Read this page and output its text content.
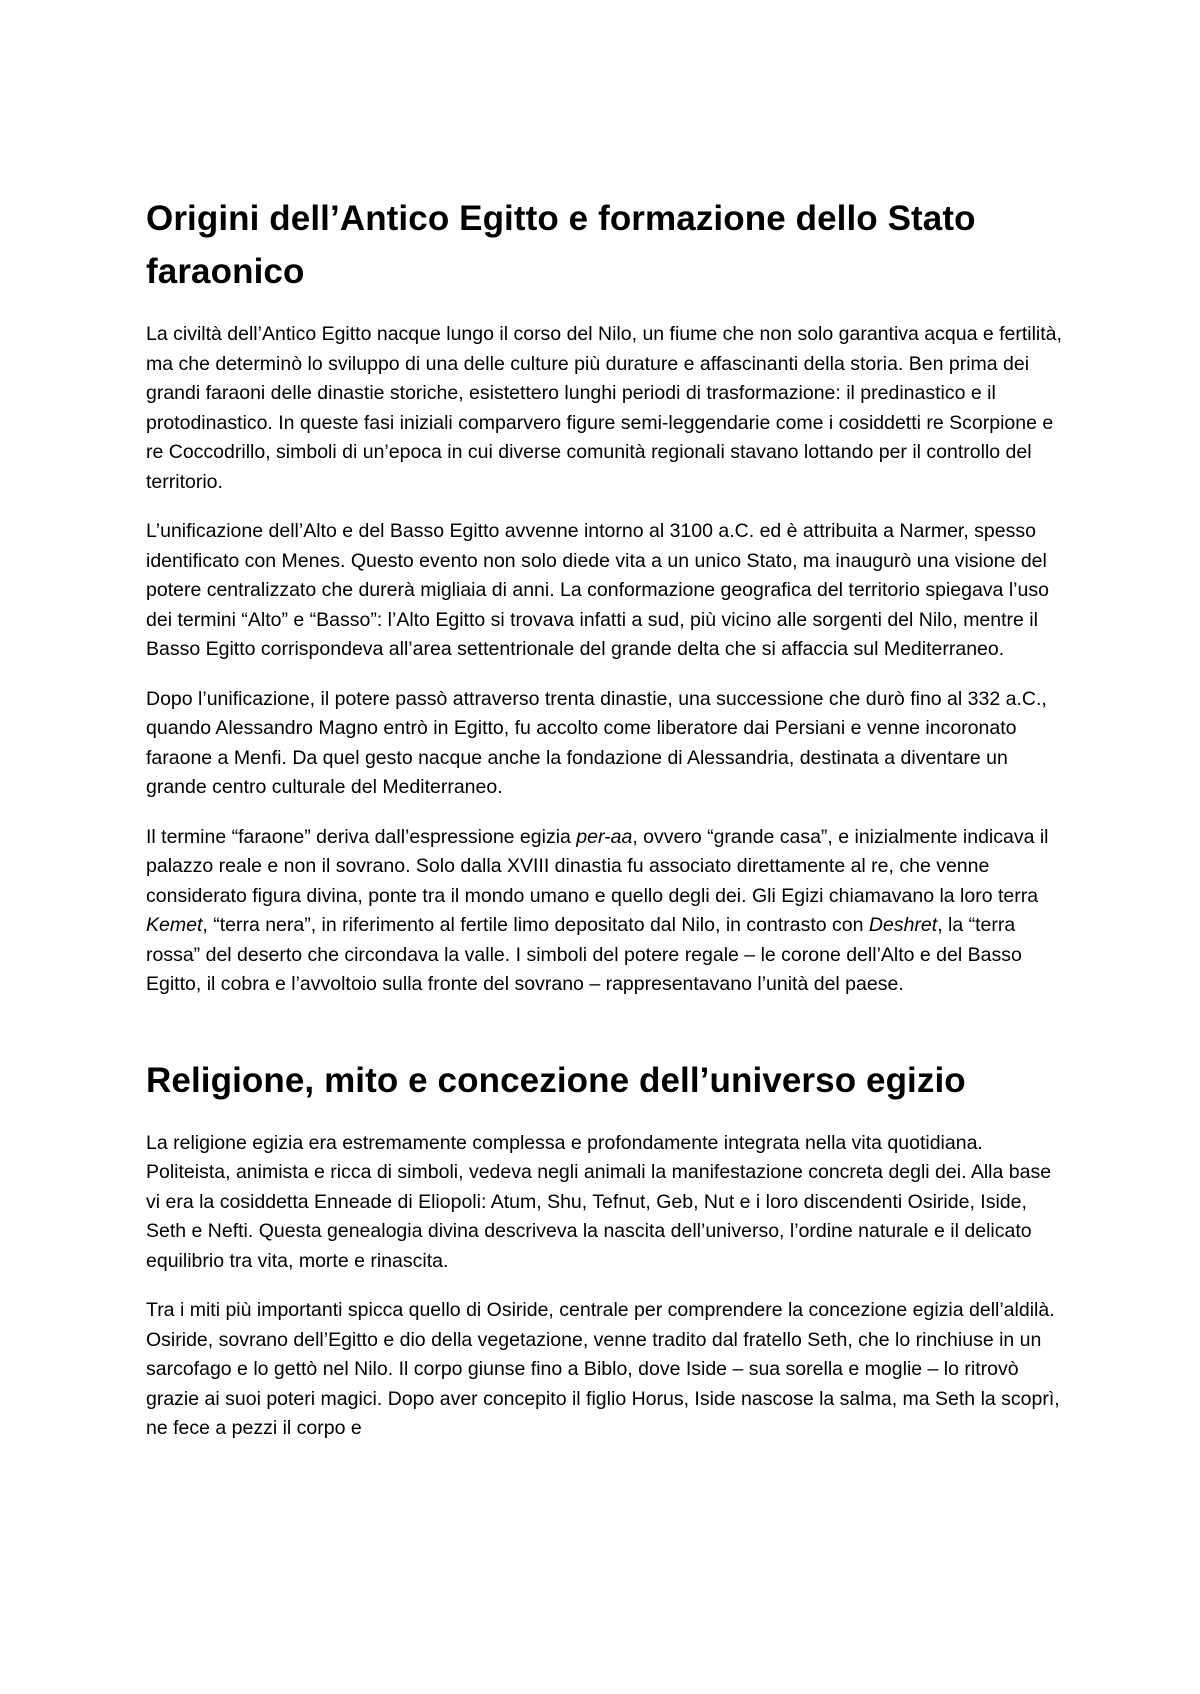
Origini dell’Antico Egitto e formazione dello Stato faraonico

La civiltà dell’Antico Egitto nacque lungo il corso del Nilo, un fiume che non solo garantiva acqua e fertilità, ma che determinò lo sviluppo di una delle culture più durature e affascinanti della storia. Ben prima dei grandi faraoni delle dinastie storiche, esistettero lunghi periodi di trasformazione: il predinastico e il protodinastico. In queste fasi iniziali comparvero figure semi-leggendarie come i cosiddetti re Scorpione e re Coccodrillo, simboli di un’epoca in cui diverse comunità regionali stavano lottando per il controllo del territorio.

L’unificazione dell’Alto e del Basso Egitto avvenne intorno al 3100 a.C. ed è attribuita a Narmer, spesso identificato con Menes. Questo evento non solo diede vita a un unico Stato, ma inaugurò una visione del potere centralizzato che durerà migliaia di anni. La conformazione geografica del territorio spiegava l’uso dei termini “Alto” e “Basso”: l’Alto Egitto si trovava infatti a sud, più vicino alle sorgenti del Nilo, mentre il Basso Egitto corrispondeva all’area settentrionale del grande delta che si affaccia sul Mediterraneo.

Dopo l’unificazione, il potere passò attraverso trenta dinastie, una successione che durò fino al 332 a.C., quando Alessandro Magno entrò in Egitto, fu accolto come liberatore dai Persiani e venne incoronato faraone a Menfi. Da quel gesto nacque anche la fondazione di Alessandria, destinata a diventare un grande centro culturale del Mediterraneo.

Il termine “faraone” deriva dall’espressione egizia per-aa, ovvero “grande casa”, e inizialmente indicava il palazzo reale e non il sovrano. Solo dalla XVIII dinastia fu associato direttamente al re, che venne considerato figura divina, ponte tra il mondo umano e quello degli dei. Gli Egizi chiamavano la loro terra Kemet, “terra nera”, in riferimento al fertile limo depositato dal Nilo, in contrasto con Deshret, la “terra rossa” del deserto che circondava la valle. I simboli del potere regale – le corone dell’Alto e del Basso Egitto, il cobra e l’avvoltoio sulla fronte del sovrano – rappresentavano l’unità del paese.

Religione, mito e concezione dell’universo egizio

La religione egizia era estremamente complessa e profondamente integrata nella vita quotidiana. Politeista, animista e ricca di simboli, vedeva negli animali la manifestazione concreta degli dei. Alla base vi era la cosiddetta Enneade di Eliopoli: Atum, Shu, Tefnut, Geb, Nut e i loro discendenti Osiride, Iside, Seth e Nefti. Questa genealogia divina descriveva la nascita dell’universo, l’ordine naturale e il delicato equilibrio tra vita, morte e rinascita.

Tra i miti più importanti spicca quello di Osiride, centrale per comprendere la concezione egizia dell’aldilà. Osiride, sovrano dell’Egitto e dio della vegetazione, venne tradito dal fratello Seth, che lo rinchiuse in un sarcofago e lo gettò nel Nilo. Il corpo giunse fino a Biblo, dove Iside – sua sorella e moglie – lo ritrovò grazie ai suoi poteri magici. Dopo aver concepito il figlio Horus, Iside nascose la salma, ma Seth la scoprì, ne fece a pezzi il corpo e
